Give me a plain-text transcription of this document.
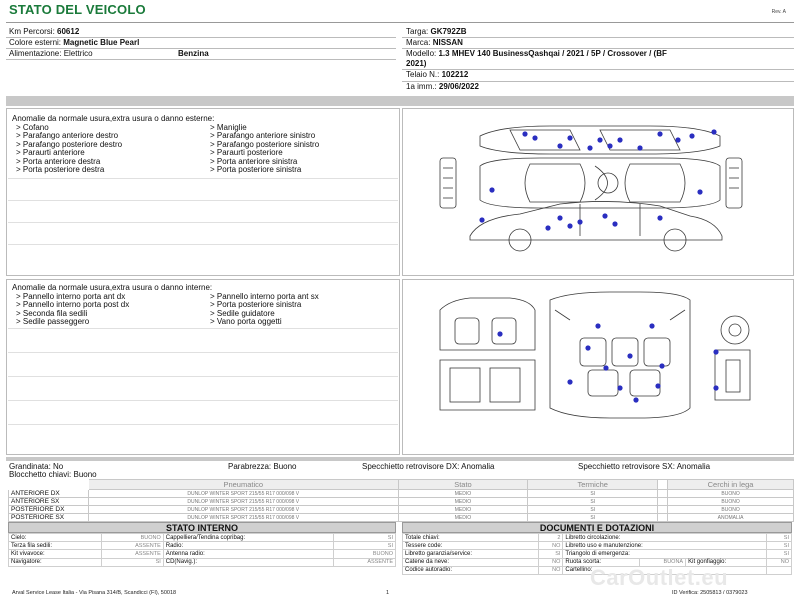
STATO DEL VEICOLO	Rev. A
Km Percorsi: 60612
Colore esterni: Magnetic Blue Pearl
Alimentazione: Elettrico	Benzina
Targa: GK792ZB
Marca: NISSAN
Modello: 1.3 MHEV 140 BusinessQashqai / 2021 / 5P / Crossover / (BF
2021)
Telaio N.: 102212
1a imm.: 29/06/2022
Anomalie da normale usura,extra usura o danno esterne:
> Cofano
> Parafango anteriore destro
> Parafango posteriore destro
> Paraurti anteriore
> Porta anteriore destra
> Porta posteriore destra
> Maniglie
> Parafango anteriore sinistro
> Parafango posteriore sinistro
> Paraurti posteriore
> Porta anteriore sinistra
> Porta posteriore sinistra
Anomalie da normale usura,extra usura o danno interne:
> Pannello interno porta ant dx
> Pannello interno porta post dx
> Seconda fila sedili
> Sedile passeggero
> Pannello interno porta ant sx
> Porta posteriore sinistra
> Sedile guidatore
> Vano porta oggetti
Grandinata: No	Parabrezza: Buono	Specchietto retrovisore DX: Anomalia	Specchietto retrovisore SX: Anomalia
Blocchetto chiavi: Buono
	Pneumatico	Stato	Termiche		Cerchi in lega
ANTERIORE DX	DUNLOP WINTER SPORT 215/55 R17 000/098 V	MEDIO	SI		BUONO
ANTERIORE SX	DUNLOP WINTER SPORT 215/55 R17 000/098 V	MEDIO	SI		BUONO
POSTERIORE DX	DUNLOP WINTER SPORT 215/55 R17 000/098 V	MEDIO	SI		BUONO
POSTERIORE SX	DUNLOP WINTER SPORT 215/55 R17 000/098 V	MEDIO	SI		ANOMALIA
STATO INTERNO
Cielo:	BUONO	Cappelliera/Tendina copribag:	SI
Terza fila sedili:	ASSENTE	Radio:	SI
Kit vivavoce:	ASSENTE	Antenna radio:	BUONO
Navigatore:	SI	CD(Navig.):	ASSENTE
DOCUMENTI E DOTAZIONI
Totale chiavi:	2	Libretto circolazione:			SI
Tessere code:	NO	Libretto uso e manutenzione:			SI
Libretto garanzia/service:	SI	Triangolo di emergenza:			SI
Catene da neve:	NO	Ruota scorta:	BUONA	Kit gonfiaggio:	NO
Codice autoradio:	NO	Cartellino:			
Arval Service Lease Italia - Via Pisana 314/B, Scandicci (FI), 50018	1	ID Verifica: 2505813 / 0379023
CarOutlet.eu
